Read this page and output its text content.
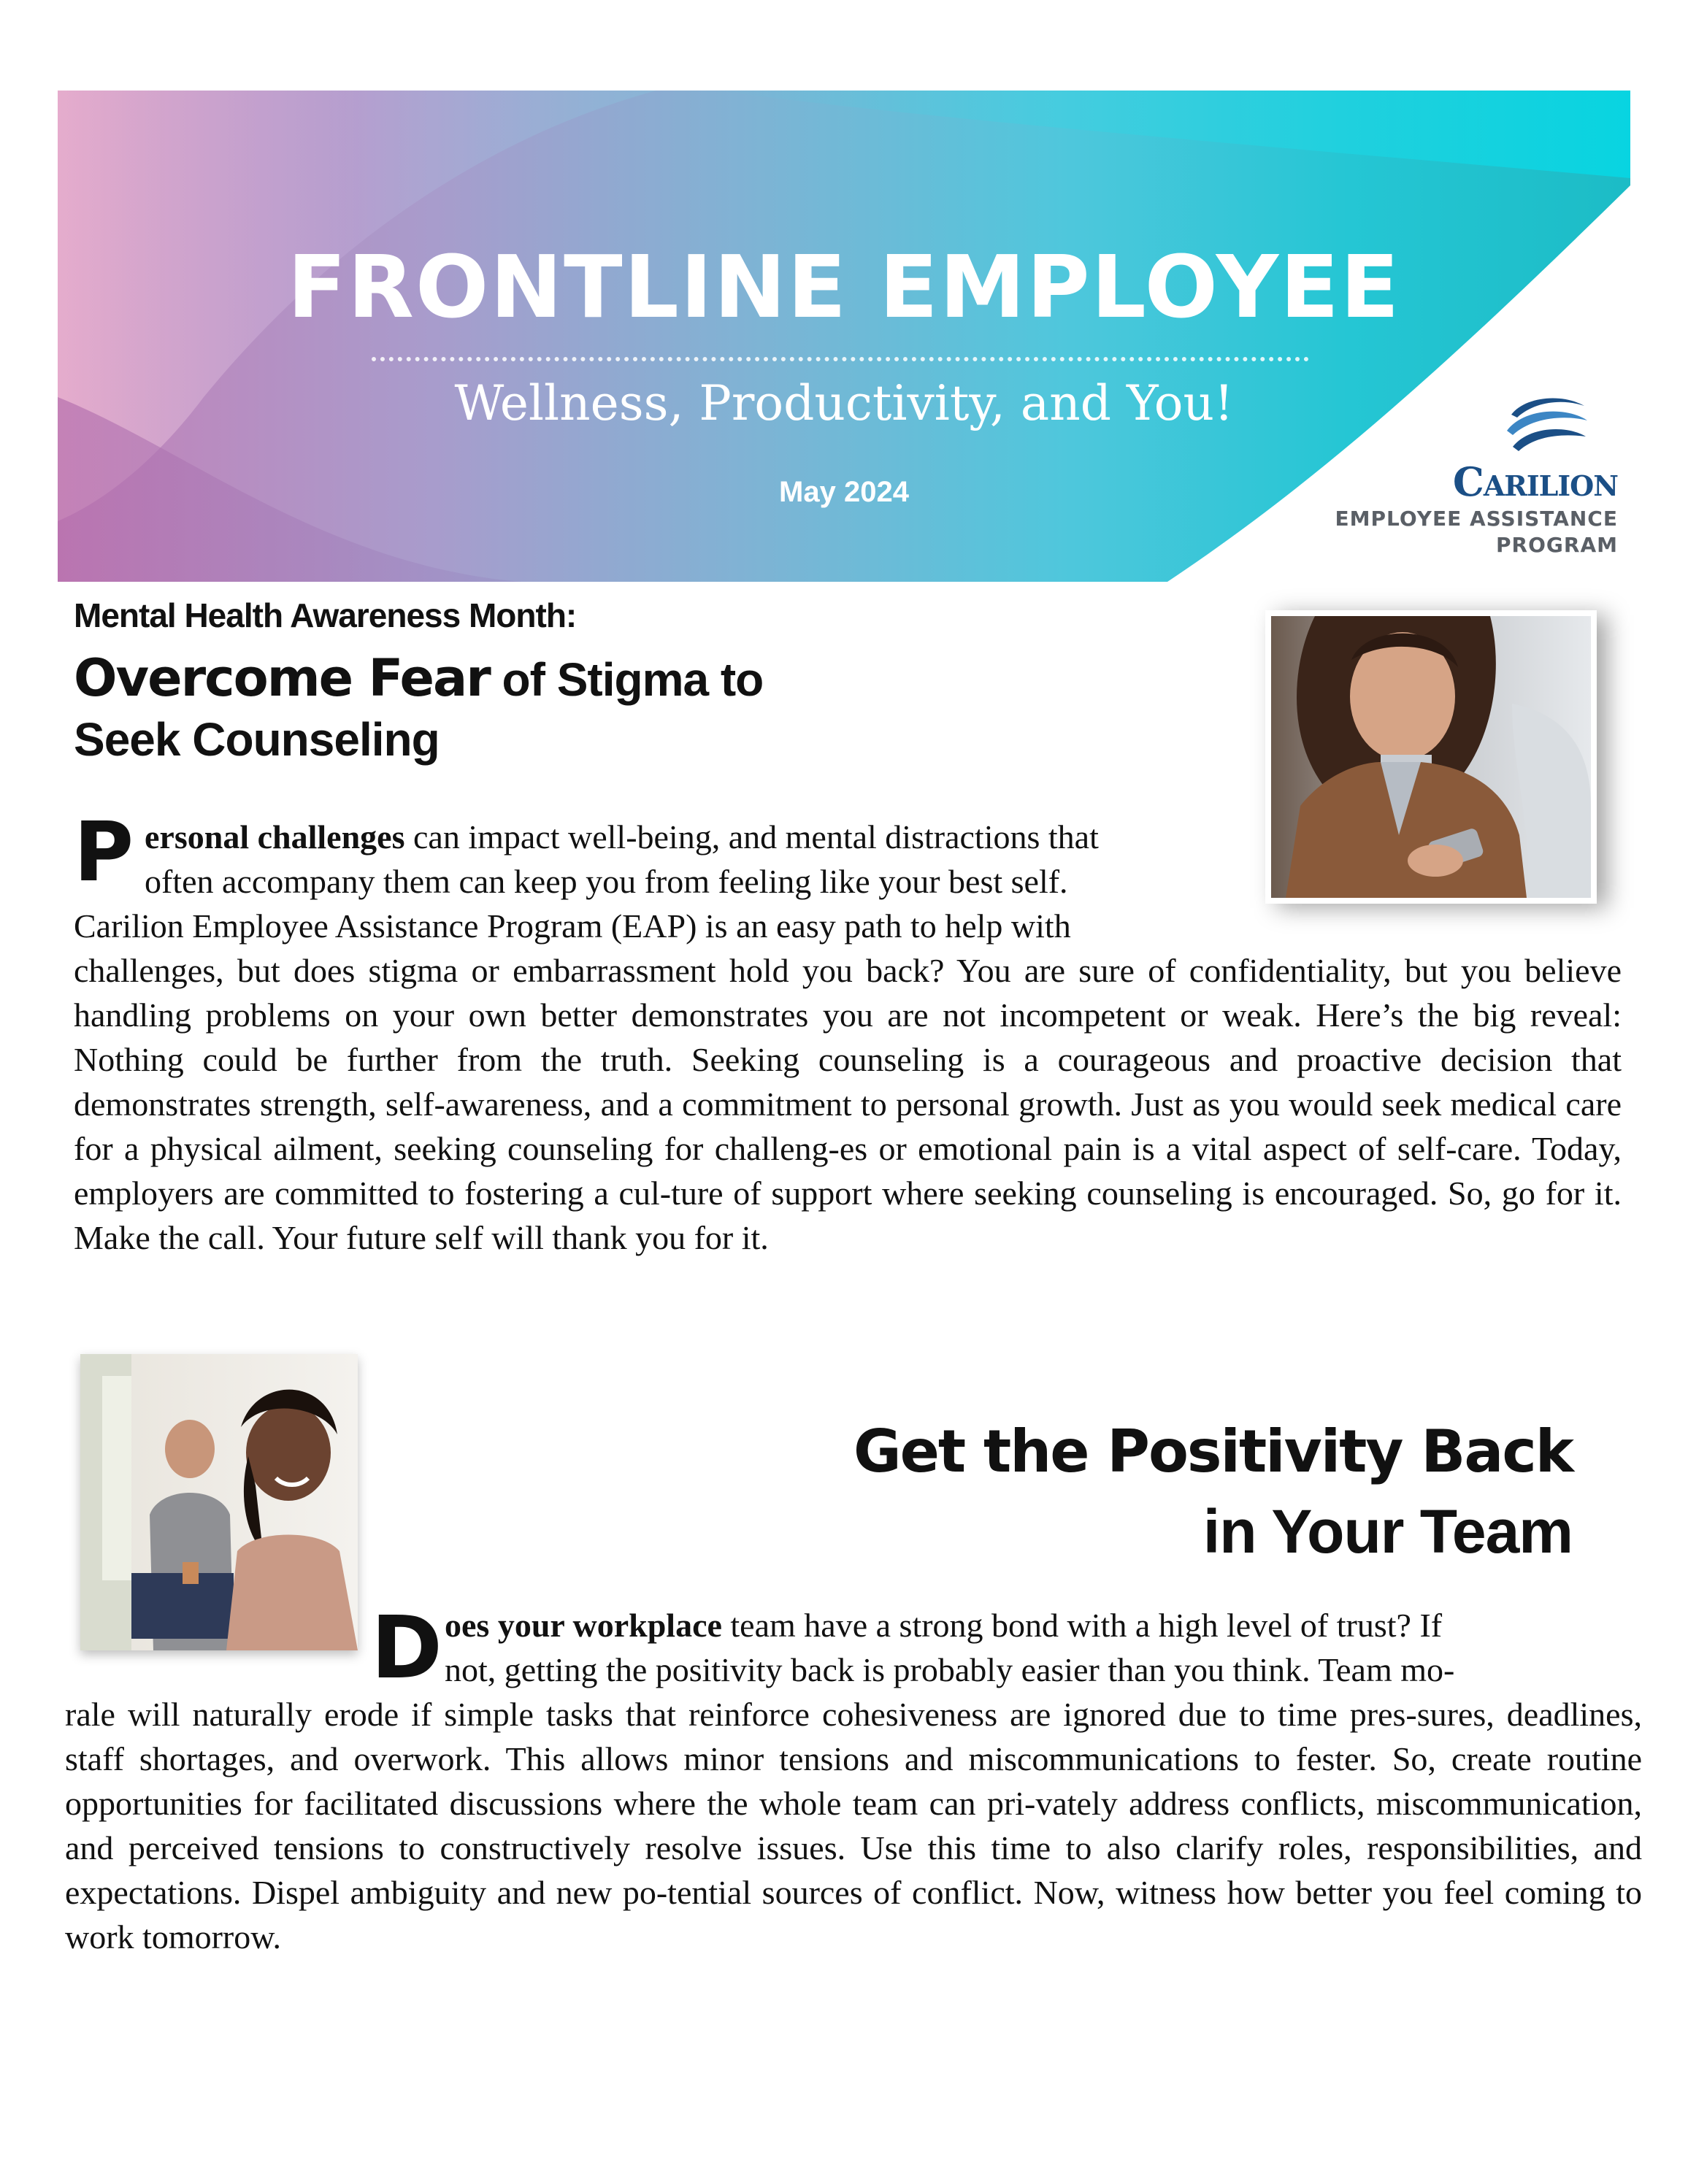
FRONTLINE EMPLOYEE
Wellness, Productivity, and You!
May 2024	Carilion
EMPLOYEE ASSISTANCE
PROGRAM
Mental Health Awareness Month:
Overcome Fear of Stigma to
Seek Counseling
P ersonal challenges can impact well-being, and mental distractions that
often accompany them can keep you from feeling like your best self.
Carilion Employee Assistance Program (EAP) is an easy path to help with
challenges, but does stigma or embarrassment hold you back? You are sure of confidentiality, but you believe handling problems on your own better demonstrates you are not incompetent or weak. Here’s the big reveal: Nothing could be further from the truth. Seeking counseling is a courageous and proactive decision that demonstrates strength, self-awareness, and a commitment to personal growth. Just as you would seek medical care for a physical ailment, seeking counseling for challeng-es or emotional pain is a vital aspect of self-care. Today, employers are committed to fostering a cul-ture of support where seeking counseling is encouraged. So, go for it. Make the call. Your future self will thank you for it.
Get the Positivity Back
in Your Team
D oes your workplace team have a strong bond with a high level of trust? If
not, getting the positivity back is probably easier than you think. Team mo-
rale will naturally erode if simple tasks that reinforce cohesiveness are ignored due to time pres-sures, deadlines, staff shortages, and overwork. This allows minor tensions and miscommunications to fester. So, create routine opportunities for facilitated discussions where the whole team can pri-vately address conflicts, miscommunication, and perceived tensions to constructively resolve issues. Use this time to also clarify roles, responsibilities, and expectations. Dispel ambiguity and new po-tential sources of conflict. Now, witness how better you feel coming to work tomorrow.
